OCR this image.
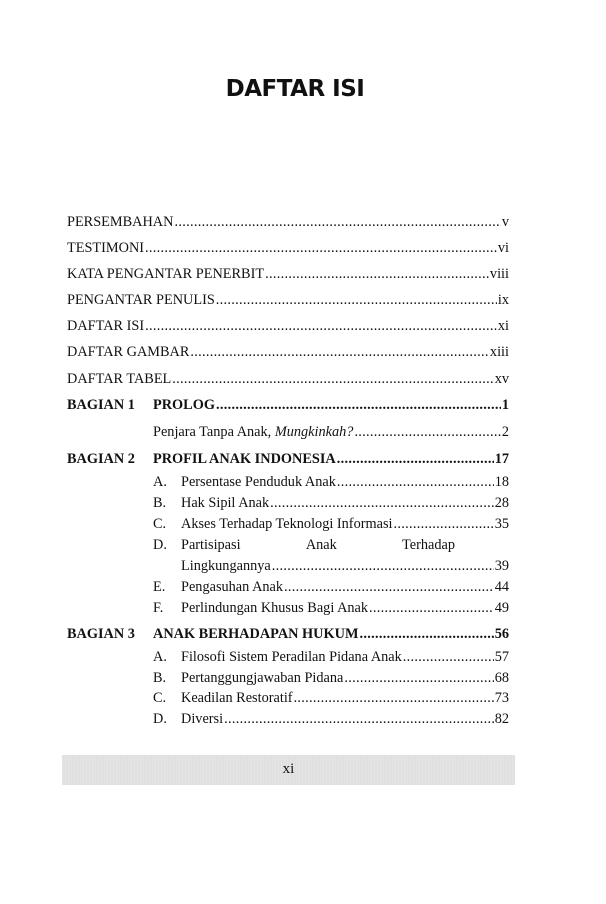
DAFTAR ISI
PERSEMBAHAN .....	v
TESTIMONI .....	vi
KATA PENGANTAR PENERBIT .....	viii
PENGANTAR PENULIS .....	ix
DAFTAR ISI .....	xi
DAFTAR GAMBAR .....	xiii
DAFTAR TABEL .....	xv
BAGIAN 1 PROLOG .....	1
Penjara Tanpa Anak, Mungkinkah? .....	2
BAGIAN 2 PROFIL ANAK INDONESIA .....	17
A. Persentase Penduduk Anak .....	18
B. Hak Sipil Anak .....	28
C. Akses Terhadap Teknologi Informasi .....	35
D. Partisipasi	Anak	Terhadap
Lingkungannya .....	39
E. Pengasuhan Anak .....	44
F. Perlindungan Khusus Bagi Anak .....	49
BAGIAN 3 ANAK BERHADAPAN HUKUM .....	56
A. Filosofi Sistem Peradilan Pidana Anak .....	57
B. Pertanggungjawaban Pidana .....	68
C. Keadilan Restoratif .....	73
D. Diversi .....	82
xi
